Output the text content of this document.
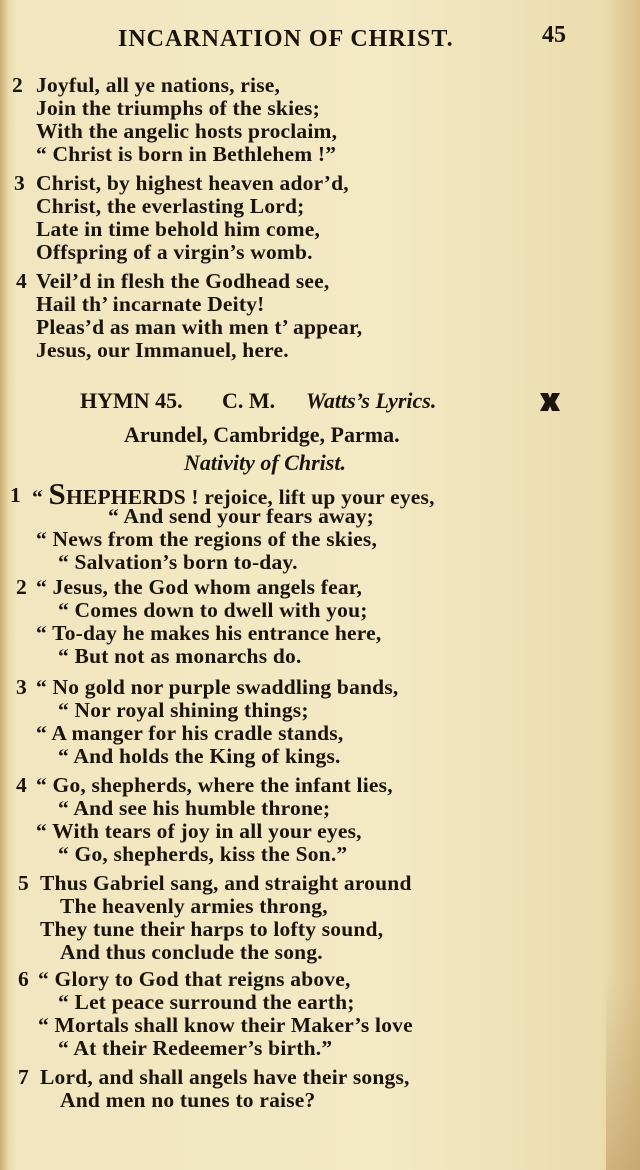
INCARNATION OF CHRIST.	45
2 Joyful, all ye nations, rise,
Join the triumphs of the skies;
With the angelic hosts proclaim,
“ Christ is born in Bethlehem !”
3 Christ, by highest heaven ador’d,
Christ, the everlasting Lord;
Late in time behold him come,
Offspring of a virgin’s womb.
4 Veil’d in flesh the Godhead see,
Hail th’ incarnate Deity!
Pleas’d as man with men t’ appear,
Jesus, our Immanuel, here.
HYMN 45. C. M. Watts’s Lyrics.
Arundel, Cambridge, Parma.
Nativity of Christ.
1 “ SHEPHERDS ! rejoice, lift up your eyes,
“ And send your fears away;
“ News from the regions of the skies,
“ Salvation’s born to-day.
2 “ Jesus, the God whom angels fear,
“ Comes down to dwell with you;
“ To-day he makes his entrance here,
“ But not as monarchs do.
3 “ No gold nor purple swaddling bands,
“ Nor royal shining things;
“ A manger for his cradle stands,
“ And holds the King of kings.
4 “ Go, shepherds, where the infant lies,
“ And see his humble throne;
“ With tears of joy in all your eyes,
“ Go, shepherds, kiss the Son.”
5 Thus Gabriel sang, and straight around
The heavenly armies throng,
They tune their harps to lofty sound,
And thus conclude the song.
6 “ Glory to God that reigns above,
“ Let peace surround the earth;
“ Mortals shall know their Maker’s love
“ At their Redeemer’s birth.”
7 Lord, and shall angels have their songs,
And men no tunes to raise?
